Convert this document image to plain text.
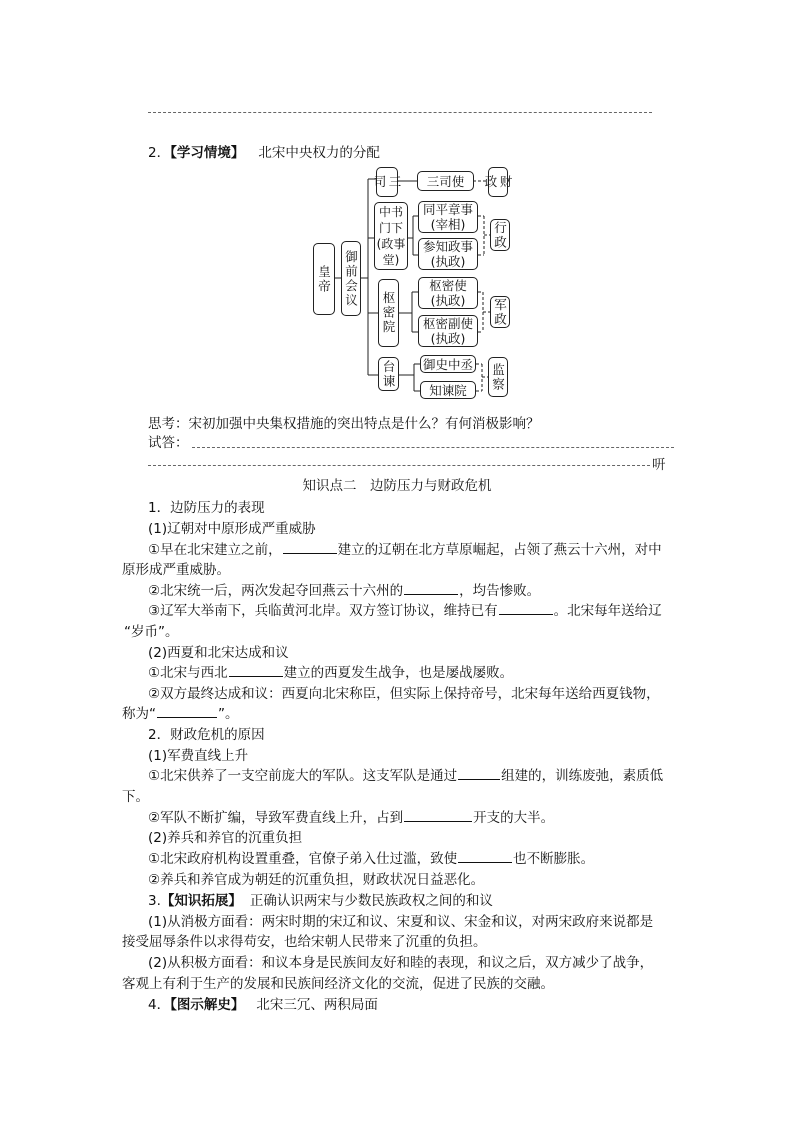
2．【学习情境】 北宋中央权力的分配
皇帝 御前会议
三司	三司使	财政
中书门下(政事堂)
同平章事(宰相)
参知政事(执政)
行政
枢密院
枢密使(执政)
枢密副使(执政)
军政
台谏 御史中丞
知谏院	监察
思考：宋初加强中央集权措施的突出特点是什么？有何消极影响？
试答：
咞
知识点二　边防压力与财政危机
1．边防压力的表现
(1)辽朝对中原形成严重威胁
①早在北宋建立之前，	建立的辽朝在北方草原崛起，占领了燕云十六州，对中
原形成严重威胁。
②北宋统一后，两次发起夺回燕云十六州的	，均告惨败。
③辽军大举南下，兵临黄河北岸。双方签订协议，维持已有	。北宋每年送给辽
“岁币”。
(2)西夏和北宋达成和议
①北宋与西北	建立的西夏发生战争，也是屡战屡败。
②双方最终达成和议：西夏向北宋称臣，但实际上保持帝号，北宋每年送给西夏钱物，
称为“	”。
2．财政危机的原因
(1)军费直线上升
①北宋供养了一支空前庞大的军队。这支军队是通过	组建的，训练废弛，素质低
下。
②军队不断扩编，导致军费直线上升，占到	开支的大半。
(2)养兵和养官的沉重负担
①北宋政府机构设置重叠，官僚子弟入仕过滥，致使	也不断膨胀。
②养兵和养官成为朝廷的沉重负担，财政状况日益恶化。
3.【知识拓展】 正确认识两宋与少数民族政权之间的和议
(1)从消极方面看：两宋时期的宋辽和议、宋夏和议、宋金和议，对两宋政府来说都是
接受屈辱条件以求得苟安，也给宋朝人民带来了沉重的负担。
(2)从积极方面看：和议本身是民族间友好和睦的表现，和议之后，双方减少了战争，
客观上有利于生产的发展和民族间经济文化的交流，促进了民族的交融。
4．【图示解史】 北宋三冗、两积局面
